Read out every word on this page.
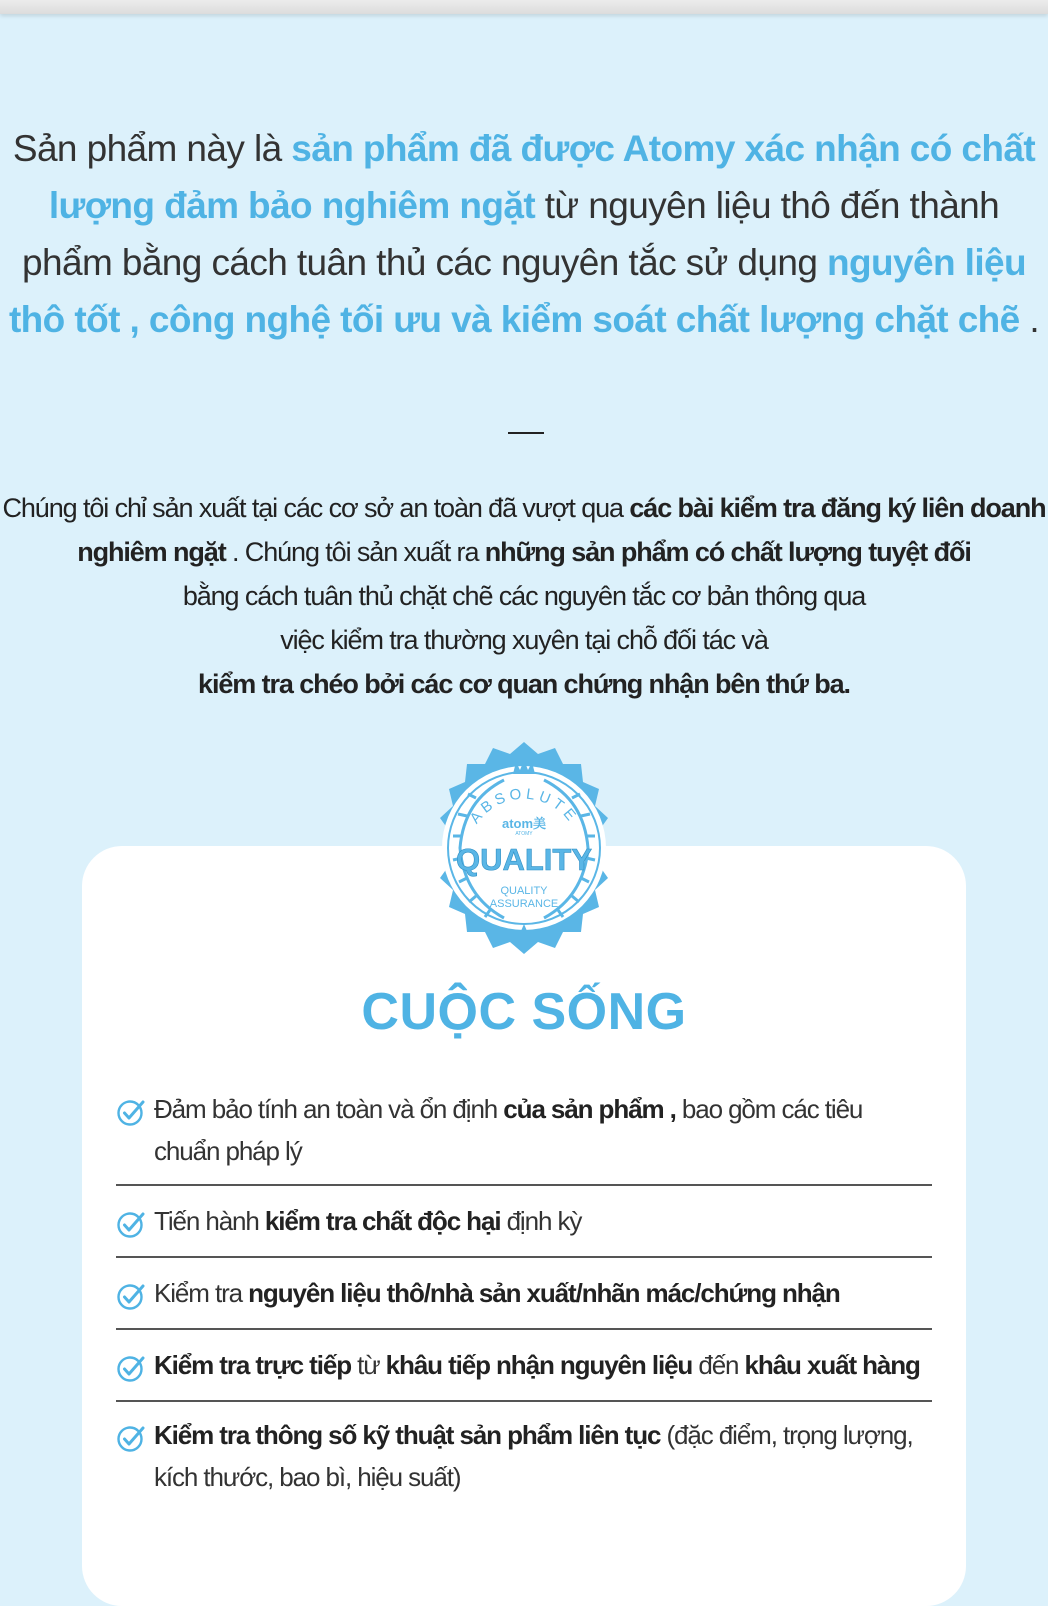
Sản phẩm này là sản phẩm đã được Atomy xác nhận có chất lượng đảm bảo nghiêm ngặt từ nguyên liệu thô đến thành phẩm bằng cách tuân thủ các nguyên tắc sử dụng nguyên liệu thô tốt , công nghệ tối ưu và kiểm soát chất lượng chặt chẽ .
Chúng tôi chỉ sản xuất tại các cơ sở an toàn đã vượt qua các bài kiểm tra đăng ký liên doanh nghiêm ngặt . Chúng tôi sản xuất ra những sản phẩm có chất lượng tuyệt đối
bằng cách tuân thủ chặt chẽ các nguyên tắc cơ bản thông qua
việc kiểm tra thường xuyên tại chỗ đối tác và
kiểm tra chéo bởi các cơ quan chứng nhận bên thứ ba.
ABSOLUTE
atom美
ATOMY
QUALITY
QUALITY
ASSURANCE
CUỘC SỐNG
Đảm bảo tính an toàn và ổn định của sản phẩm , bao gồm các tiêu chuẩn pháp lý
Tiến hành kiểm tra chất độc hại định kỳ
Kiểm tra nguyên liệu thô/nhà sản xuất/nhãn mác/chứng nhận
Kiểm tra trực tiếp từ khâu tiếp nhận nguyên liệu đến khâu xuất hàng
Kiểm tra thông số kỹ thuật sản phẩm liên tục (đặc điểm, trọng lượng, kích thước, bao bì, hiệu suất)
